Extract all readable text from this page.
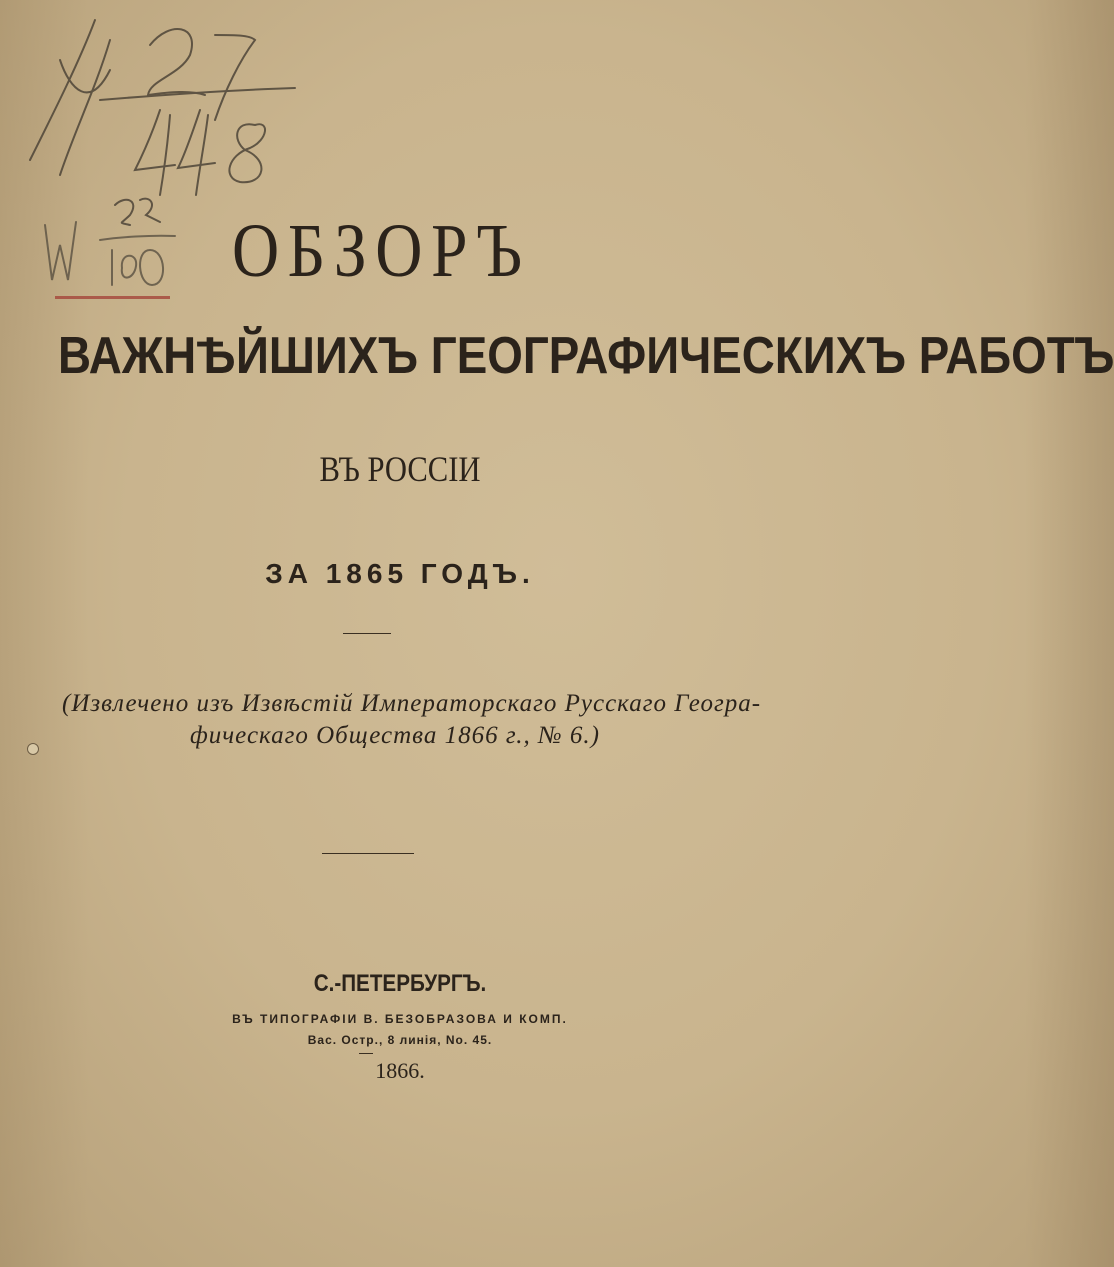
ОБЗОРЪ
ВАЖНѢЙШИХЪ ГЕОГРАФИЧЕСКИХЪ РАБОТЪ
ВЪ РОССІИ
ЗА 1865 ГОДЪ.
(Извлечено изъ Извѣстій Императорскаго Русскаго Геогра-
фическаго Общества 1866 г., № 6.)
С.-ПЕТЕРБУРГЪ.
ВЪ ТИПОГРАФІИ В. БЕЗОБРАЗОВА И КОМП.
Вас. Остр., 8 линія, No. 45.
1866.
